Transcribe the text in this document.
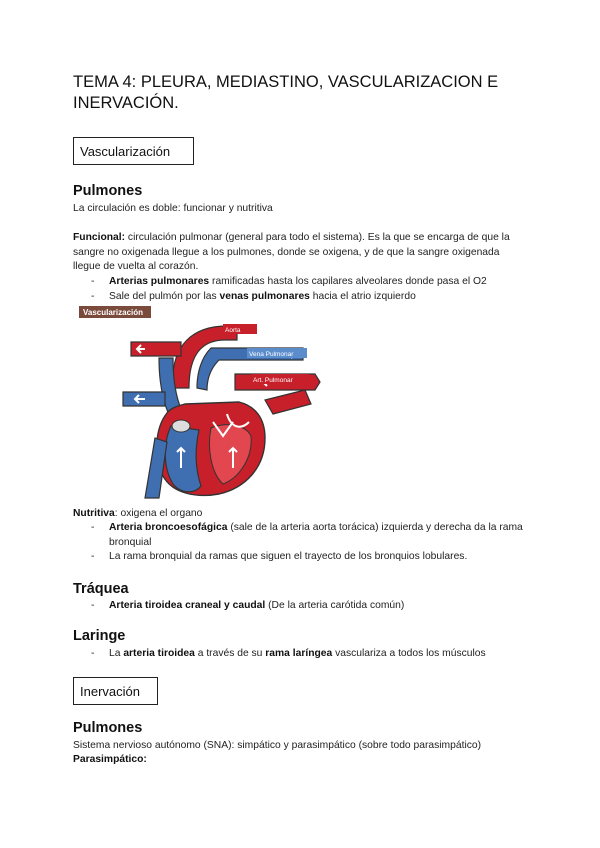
TEMA 4: PLEURA, MEDIASTINO, VASCULARIZACION E INERVACIÓN.
Vascularización
Pulmones
La circulación es doble: funcionar y nutritiva
Funcional: circulación pulmonar (general para todo el sistema). Es la que se encarga de que la sangre no oxigenada llegue a los pulmones, donde se oxigena, y de que la sangre oxigenada llegue de vuelta al corazón.
- Arterias pulmonares ramificadas hasta los capilares alveolares donde pasa el O2
- Sale del pulmón por las venas pulmonares hacia el atrio izquierdo
Vascularización
Aorta
Vena Pulmonar
Art. Pulmonar
Nutritiva: oxigena el organo
- Arteria broncoesofágica (sale de la arteria aorta torácica) izquierda y derecha da la rama bronquial
- La rama bronquial da ramas que siguen el trayecto de los bronquios lobulares.
Tráquea
- Arteria tiroidea craneal y caudal (De la arteria carótida común)
Laringe
- La arteria tiroidea a través de su rama laríngea vasculariza a todos los músculos
Inervación
Pulmones
Sistema nervioso autónomo (SNA): simpático y parasimpático (sobre todo parasimpático)
Parasimpático:
